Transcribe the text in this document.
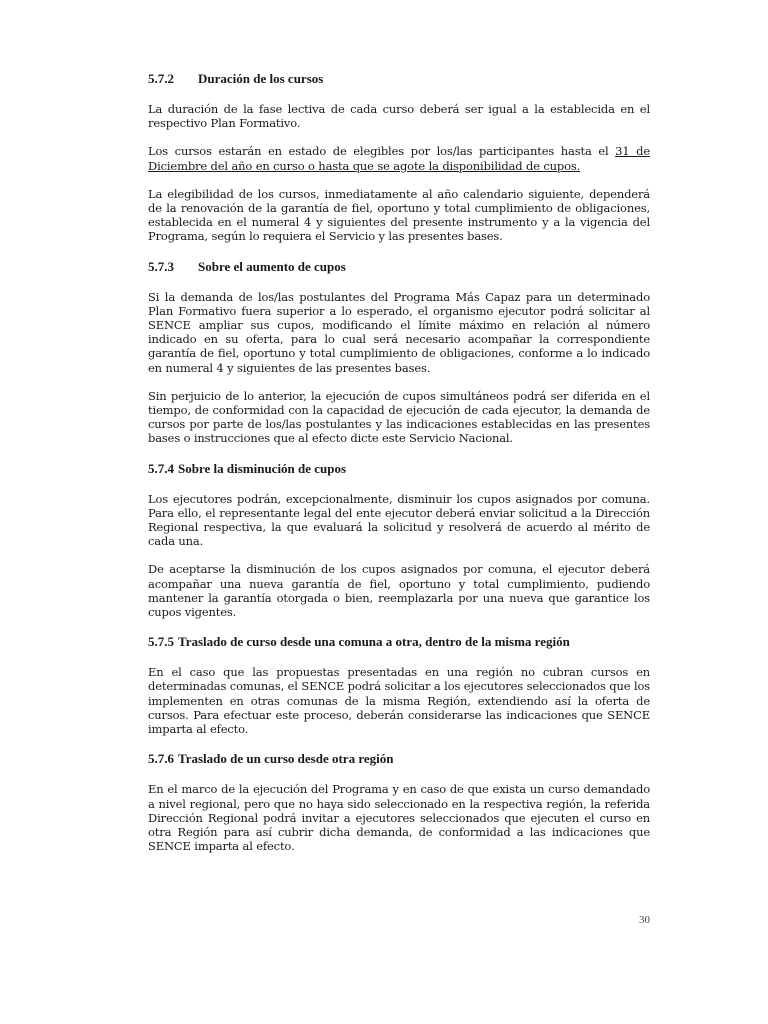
5.7.2 Duración de los cursos

La duración de la fase lectiva de cada curso deberá ser igual a la establecida en el respectivo Plan Formativo.

Los cursos estarán en estado de elegibles por los/las participantes hasta el 31 de Diciembre del año en curso o hasta que se agote la disponibilidad de cupos.

La elegibilidad de los cursos, inmediatamente al año calendario siguiente, dependerá de la renovación de la garantía de fiel, oportuno y total cumplimiento de obligaciones, establecida en el numeral 4 y siguientes del presente instrumento y a la vigencia del Programa, según lo requiera el Servicio y las presentes bases.

5.7.3 Sobre el aumento de cupos

Si la demanda de los/las postulantes del Programa Más Capaz para un determinado Plan Formativo fuera superior a lo esperado, el organismo ejecutor podrá solicitar al SENCE ampliar sus cupos, modificando el límite máximo en relación al número indicado en su oferta, para lo cual será necesario acompañar la correspondiente garantía de fiel, oportuno y total cumplimiento de obligaciones, conforme a lo indicado en numeral 4 y siguientes de las presentes bases.

Sin perjuicio de lo anterior, la ejecución de cupos simultáneos podrá ser diferida en el tiempo, de conformidad con la capacidad de ejecución de cada ejecutor, la demanda de cursos por parte de los/las postulantes y las indicaciones establecidas en las presentes bases o instrucciones que al efecto dicte este Servicio Nacional.

5.7.4 Sobre la disminución de cupos

Los ejecutores podrán, excepcionalmente, disminuir los cupos asignados por comuna. Para ello, el representante legal del ente ejecutor deberá enviar solicitud a la Dirección Regional respectiva, la que evaluará la solicitud y resolverá de acuerdo al mérito de cada una.

De aceptarse la disminución de los cupos asignados por comuna, el ejecutor deberá acompañar una nueva garantía de fiel, oportuno y total cumplimiento, pudiendo mantener la garantía otorgada o bien, reemplazarla por una nueva que garantice los cupos vigentes.

5.7.5 Traslado de curso desde una comuna a otra, dentro de la misma región

En el caso que las propuestas presentadas en una región no cubran cursos en determinadas comunas, el SENCE podrá solicitar a los ejecutores seleccionados que los implementen en otras comunas de la misma Región, extendiendo así la oferta de cursos. Para efectuar este proceso, deberán considerarse las indicaciones que SENCE imparta al efecto.

5.7.6 Traslado de un curso desde otra región

En el marco de la ejecución del Programa y en caso de que exista un curso demandado a nivel regional, pero que no haya sido seleccionado en la respectiva región, la referida Dirección Regional podrá invitar a ejecutores seleccionados que ejecuten el curso en otra Región para así cubrir dicha demanda, de conformidad a las indicaciones que SENCE imparta al efecto.

30
